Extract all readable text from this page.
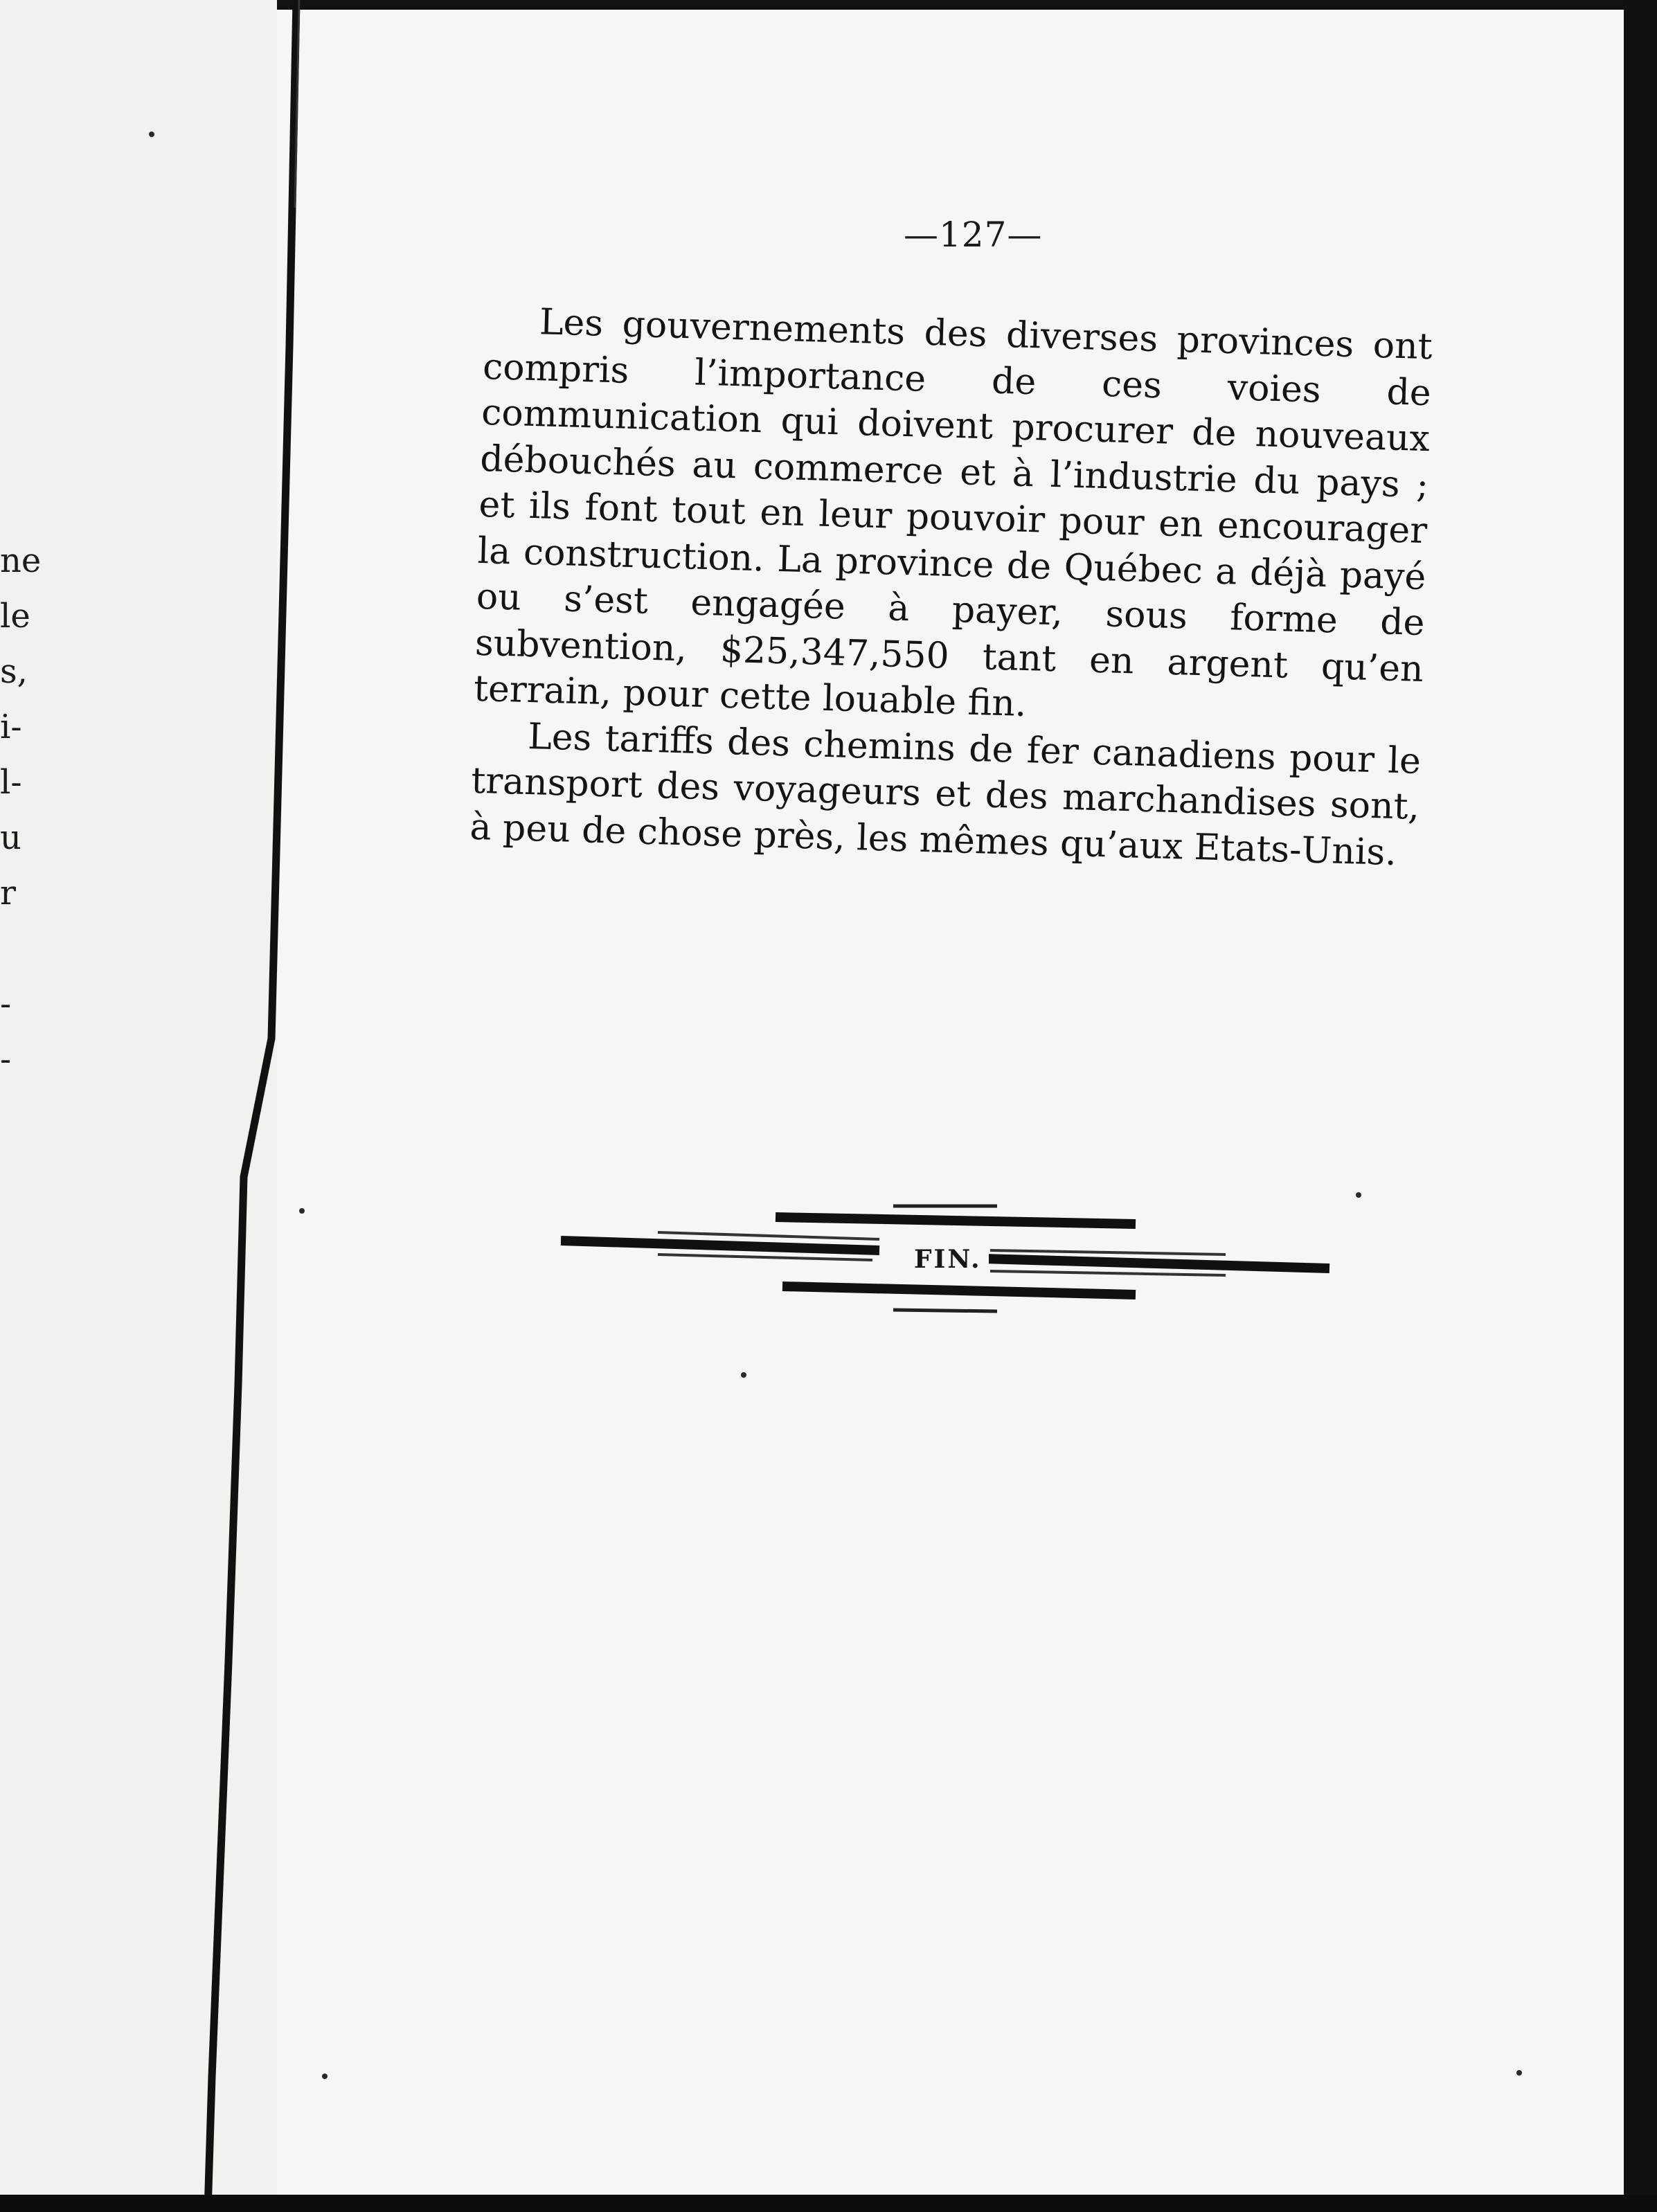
ne
le
s,
i-
l-
u
r
-
-
—127—

Les gouvernements des diverses provinces ont compris l’importance de ces voies de communication qui doivent procurer de nouveaux débouchés au commerce et à l’industrie du pays ; et ils font tout en leur pouvoir pour en encourager la construction. La province de Québec a déjà payé ou s’est engagée à payer, sous forme de subvention, $25,347,550 tant en argent qu’en terrain, pour cette louable fin.

Les tariffs des chemins de fer canadiens pour le transport des voyageurs et des marchandises sont, à peu de chose près, les mêmes qu’aux Etats-Unis.

FIN.
